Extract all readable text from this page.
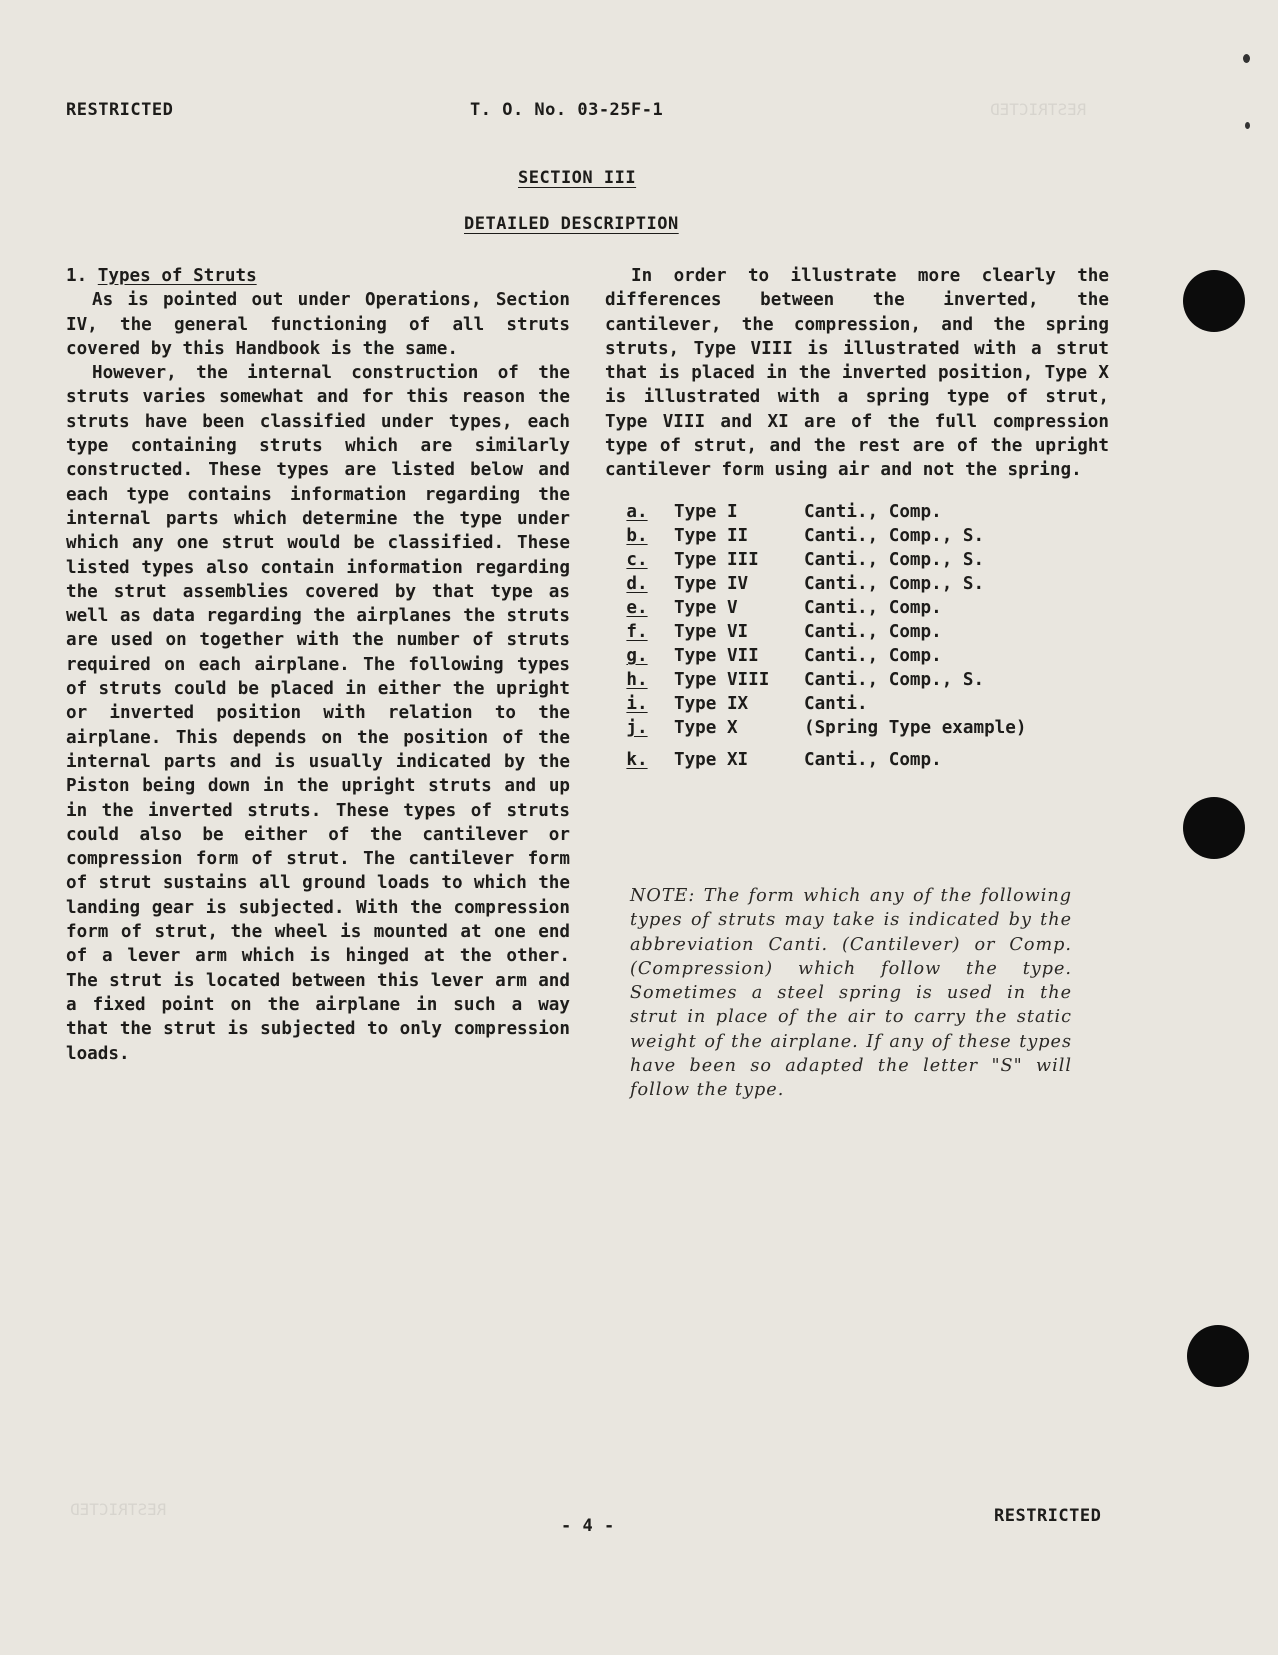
RESTRICTED
RESTRICTED
RESTRICTED	T. O. No. 03-25F-1
SECTION III
DETAILED DESCRIPTION

1. Types of Struts

As is pointed out under Operations, Section IV, the general functioning of all struts covered by this Handbook is the same.

However, the internal construction of the struts varies somewhat and for this reason the struts have been classified under types, each type containing struts which are similarly constructed. These types are listed below and each type contains information regarding the internal parts which determine the type under which any one strut would be classified. These listed types also contain information regarding the strut assemblies covered by that type as well as data regarding the airplanes the struts are used on together with the number of struts required on each airplane. The following types of struts could be placed in either the upright or inverted position with relation to the airplane. This depends on the position of the internal parts and is usually indicated by the Piston being down in the upright struts and up in the inverted struts. These types of struts could also be either of the cantilever or compression form of strut. The cantilever form of strut sustains all ground loads to which the landing gear is subjected. With the compression form of strut, the wheel is mounted at one end of a lever arm which is hinged at the other. The strut is located between this lever arm and a fixed point on the airplane in such a way that the strut is subjected to only compression loads.

In order to illustrate more clearly the differences between the inverted, the cantilever, the compression, and the spring struts, Type VIII is illustrated with a strut that is placed in the inverted position, Type X is illustrated with a spring type of strut, Type VIII and XI are of the full compression type of strut, and the rest are of the upright cantilever form using air and not the spring.

a. Type I	Canti., Comp.
b. Type II	Canti., Comp., S.
c. Type III	Canti., Comp., S.
d. Type IV	Canti., Comp., S.
e. Type V	Canti., Comp.
f. Type VI	Canti., Comp.
g. Type VII	Canti., Comp.
h. Type VIII Canti., Comp., S.
i. Type IX	Canti.
j. Type X	(Spring Type example)
k. Type XI	Canti., Comp.

NOTE: The form which any of the following types of struts may take is indicated by the abbreviation Canti. (Cantilever) or Comp. (Compression) which follow the type. Sometimes a steel spring is used in the strut in place of the air to carry the static weight of the airplane. If any of these types have been so adapted the letter "S" will follow the type.

- 4 -	RESTRICTED
